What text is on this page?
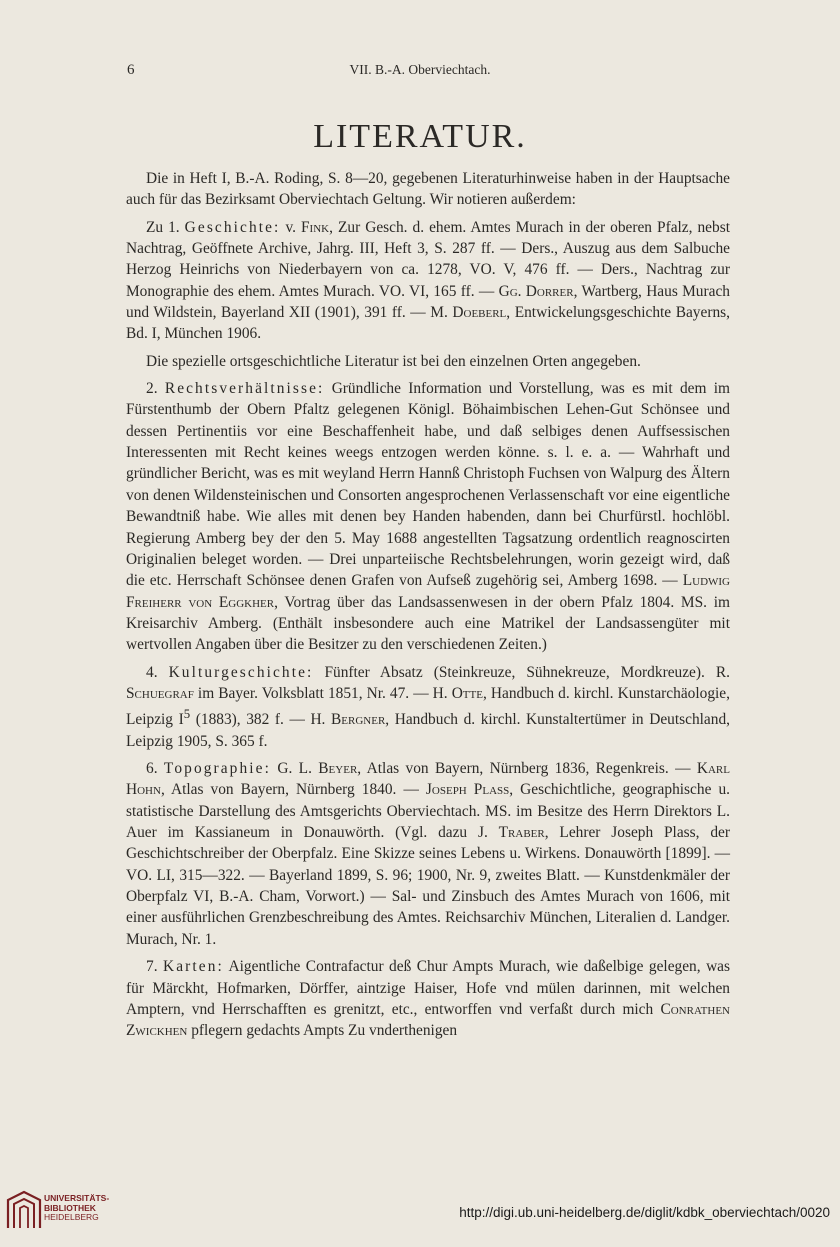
6	VII. B.-A. Oberviechtach.
LITERATUR.

Die in Heft I, B.-A. Roding, S. 8—20, gegebenen Literaturhinweise haben in der Hauptsache auch für das Bezirksamt Oberviechtach Geltung. Wir notieren außerdem:

Zu 1. Geschichte: v. Fink, Zur Gesch. d. ehem. Amtes Murach in der oberen Pfalz, nebst Nachtrag, Geöffnete Archive, Jahrg. III, Heft 3, S. 287 ff. — Ders., Auszug aus dem Salbuche Herzog Heinrichs von Niederbayern von ca. 1278, VO. V, 476 ff. — Ders., Nachtrag zur Monographie des ehem. Amtes Murach. VO. VI, 165 ff. — Gg. Dorrer, Wartberg, Haus Murach und Wildstein, Bayerland XII (1901), 391 ff. — M. Doeberl, Entwickelungsgeschichte Bayerns, Bd. I, München 1906.

Die spezielle ortsgeschichtliche Literatur ist bei den einzelnen Orten angegeben.

2. Rechtsverhältnisse: Gründliche Information und Vorstellung, was es mit dem im Fürstenthumb der Obern Pfaltz gelegenen Königl. Böhaimbischen Lehen-Gut Schönsee und dessen Pertinentiis vor eine Beschaffenheit habe, und daß selbiges denen Auffsessischen Interessenten mit Recht keines weegs entzogen werden könne. s. l. e. a. — Wahrhaft und gründlicher Bericht, was es mit weyland Herrn Hannß Christoph Fuchsen von Walpurg des Ältern von denen Wildensteinischen und Consorten angesprochenen Verlassenschaft vor eine eigentliche Bewandtniß habe. Wie alles mit denen bey Handen habenden, dann bei Churfürstl. hochlöbl. Regierung Amberg bey der den 5. May 1688 angestellten Tagsatzung ordentlich reagnoscirten Originalien beleget worden. — Drei unparteiische Rechtsbelehrungen, worin gezeigt wird, daß die etc. Herrschaft Schönsee denen Grafen von Aufseß zugehörig sei, Amberg 1698. — Ludwig Freiherr von Eggkher, Vortrag über das Landsassenwesen in der obern Pfalz 1804. MS. im Kreisarchiv Amberg. (Enthält insbesondere auch eine Matrikel der Landsassengüter mit wertvollen Angaben über die Besitzer zu den verschiedenen Zeiten.)

4. Kulturgeschichte: Fünfter Absatz (Steinkreuze, Sühnekreuze, Mordkreuze). R. Schuegraf im Bayer. Volksblatt 1851, Nr. 47. — H. Otte, Handbuch d. kirchl. Kunstarchäologie, Leipzig $I^5$ (1883), 382 f. — H. Bergner, Handbuch d. kirchl. Kunstaltertümer in Deutschland, Leipzig 1905, S. 365 f.

6. Topographie: G. L. Beyer, Atlas von Bayern, Nürnberg 1836, Regenkreis. — Karl Hohn, Atlas von Bayern, Nürnberg 1840. — Joseph Plass, Geschichtliche, geographische u. statistische Darstellung des Amtsgerichts Oberviechtach. MS. im Besitze des Herrn Direktors L. Auer im Kassianeum in Donauwörth. (Vgl. dazu J. Traber, Lehrer Joseph Plass, der Geschichtschreiber der Oberpfalz. Eine Skizze seines Lebens u. Wirkens. Donauwörth [1899]. — VO. LI, 315—322. — Bayerland 1899, S. 96; 1900, Nr. 9, zweites Blatt. — Kunstdenkmäler der Oberpfalz VI, B.-A. Cham, Vorwort.) — Sal- und Zinsbuch des Amtes Murach von 1606, mit einer ausführlichen Grenzbeschreibung des Amtes. Reichsarchiv München, Literalien d. Landger. Murach, Nr. 1.

7. Karten: Aigentliche Contrafactur deß Chur Ampts Murach, wie daßelbige gelegen, was für Märckht, Hofmarken, Dörffer, aintzige Haiser, Hofe vnd mülen darinnen, mit welchen Amptern, vnd Herrschafften es grenitzt, etc., entworffen vnd verfaßt durch mich Conrathen Zwickhen pflegern gedachts Ampts Zu vnderthenigen

UNIVERSITÄTS-
BIBLIOTHEK
HEIDELBERG	http://digi.ub.uni-heidelberg.de/diglit/kdbk_oberviechtach/0020
